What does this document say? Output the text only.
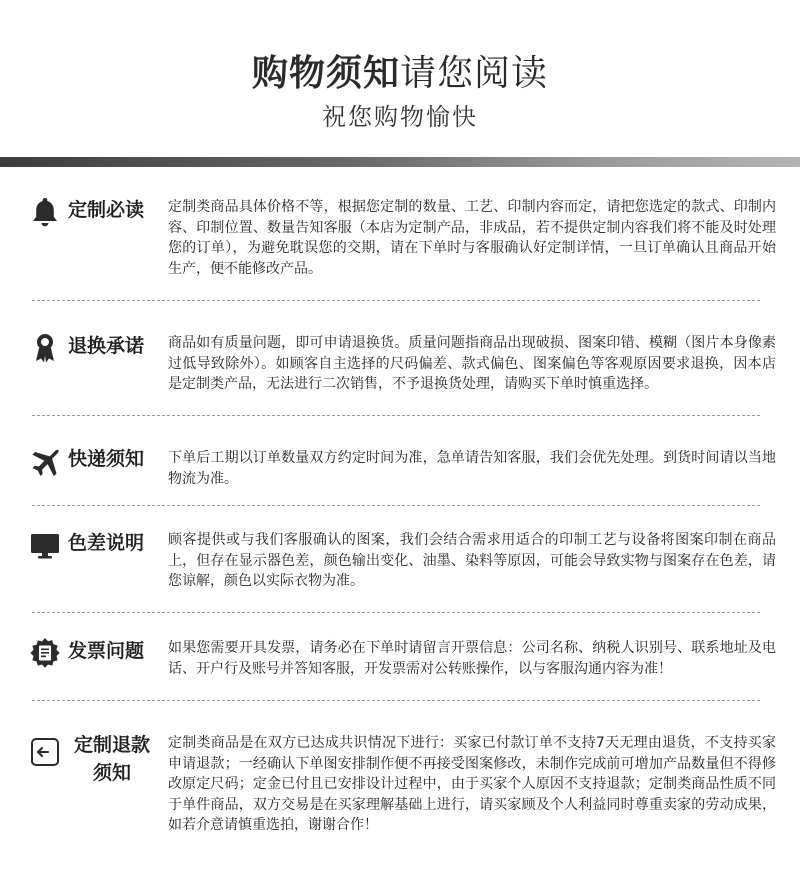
购物须知请您阅读
祝您购物愉快
定制必读 定制类商品具体价格不等，根据您定制的数量、工艺、印制内容而定，请把您选定的款式、印制内容、印制位置、数量告知客服（本店为定制产品，非成品，若不提供定制内容我们将不能及时处理您的订单），为避免耽误您的交期，请在下单时与客服确认好定制详情，一旦订单确认且商品开始生产，便不能修改产品。
退换承诺 商品如有质量问题，即可申请退换货。质量问题指商品出现破损、图案印错、模糊（图片本身像素过低导致除外）。如顾客自主选择的尺码偏差、款式偏色、图案偏色等客观原因要求退换，因本店是定制类产品，无法进行二次销售，不予退换货处理，请购买下单时慎重选择。
快递须知 下单后工期以订单数量双方约定时间为准，急单请告知客服，我们会优先处理。到货时间请以当地物流为准。
色差说明 顾客提供或与我们客服确认的图案，我们会结合需求用适合的印制工艺与设备将图案印制在商品上，但存在显示器色差，颜色输出变化、油墨、染料等原因，可能会导致实物与图案存在色差，请您谅解，颜色以实际衣物为准。
发票问题 如果您需要开具发票，请务必在下单时请留言开票信息：公司名称、纳税人识别号、联系地址及电话、开户行及账号并答知客服，开发票需对公转账操作，以与客服沟通内容为准！
定制退款须知
定制类商品是在双方已达成共识情况下进行：买家已付款订单不支持7天无理由退货，不支持买家申请退款；一经确认下单图安排制作便不再接受图案修改，未制作完成前可增加产品数量但不得修改原定尺码；定金已付且已安排设计过程中，由于买家个人原因不支持退款；定制类商品性质不同于单件商品，双方交易是在买家理解基础上进行，请买家顾及个人利益同时尊重卖家的劳动成果，如若介意请慎重选拍，谢谢合作！
